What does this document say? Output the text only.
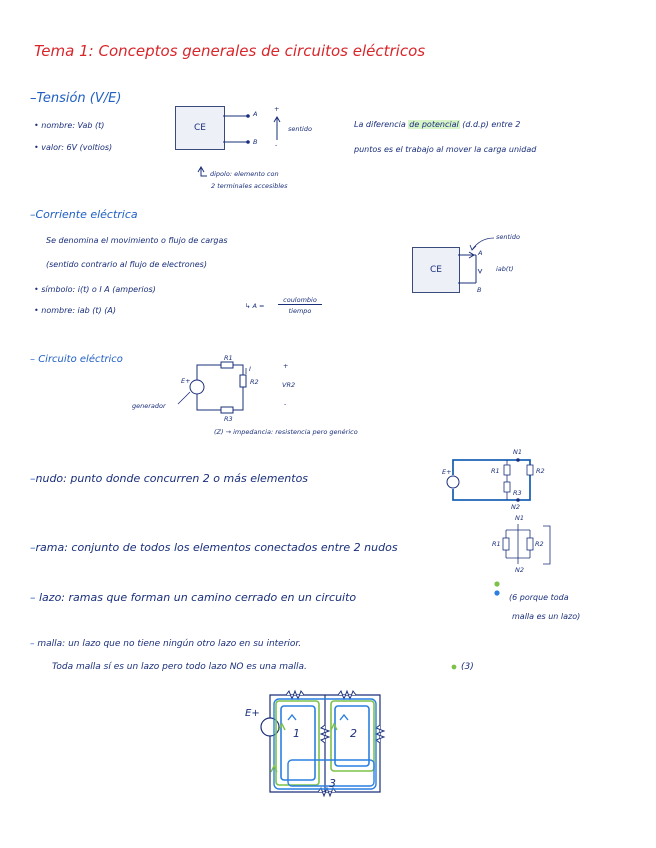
Tema 1: Conceptos generales de circuitos eléctricos
–Tensión (V/E)
• nombre: Vab (t)
• valor: 6V (voltios)
CE
A
B
+
-
sentido
dipolo: elemento con
2 terminales accesibles
La diferencia de potencial (d.d.p) entre 2
puntos es el trabajo al mover la carga unidad
–Corriente eléctrica
Se denomina el movimiento o flujo de cargas
(sentido contrario al flujo de electrones)
• símbolo: i(t) o I A (amperios)
• nombre: iab (t) (A)	↳ A =
coulombio
tiempo
CE
sentido
A
B
iab(t)
– Circuito eléctrico
E+
R1
R2
R3
I	+
VR2
-
generador
(Z) → impedancia: resistencia pero genérico
–nudo: punto donde concurren 2 o más elementos	E+
N1
N2
R1	R2
R3
–rama: conjunto de todos los elementos conectados entre 2 nudos
N1
N2
R1	R2
– lazo: ramas que forman un camino cerrado en un circuito	(6 porque toda
malla es un lazo)
– malla: un lazo que no tiene ningún otro lazo en su interior.
Toda malla sí es un lazo pero todo lazo NO es una malla.	(3)
E+
1	2
3
